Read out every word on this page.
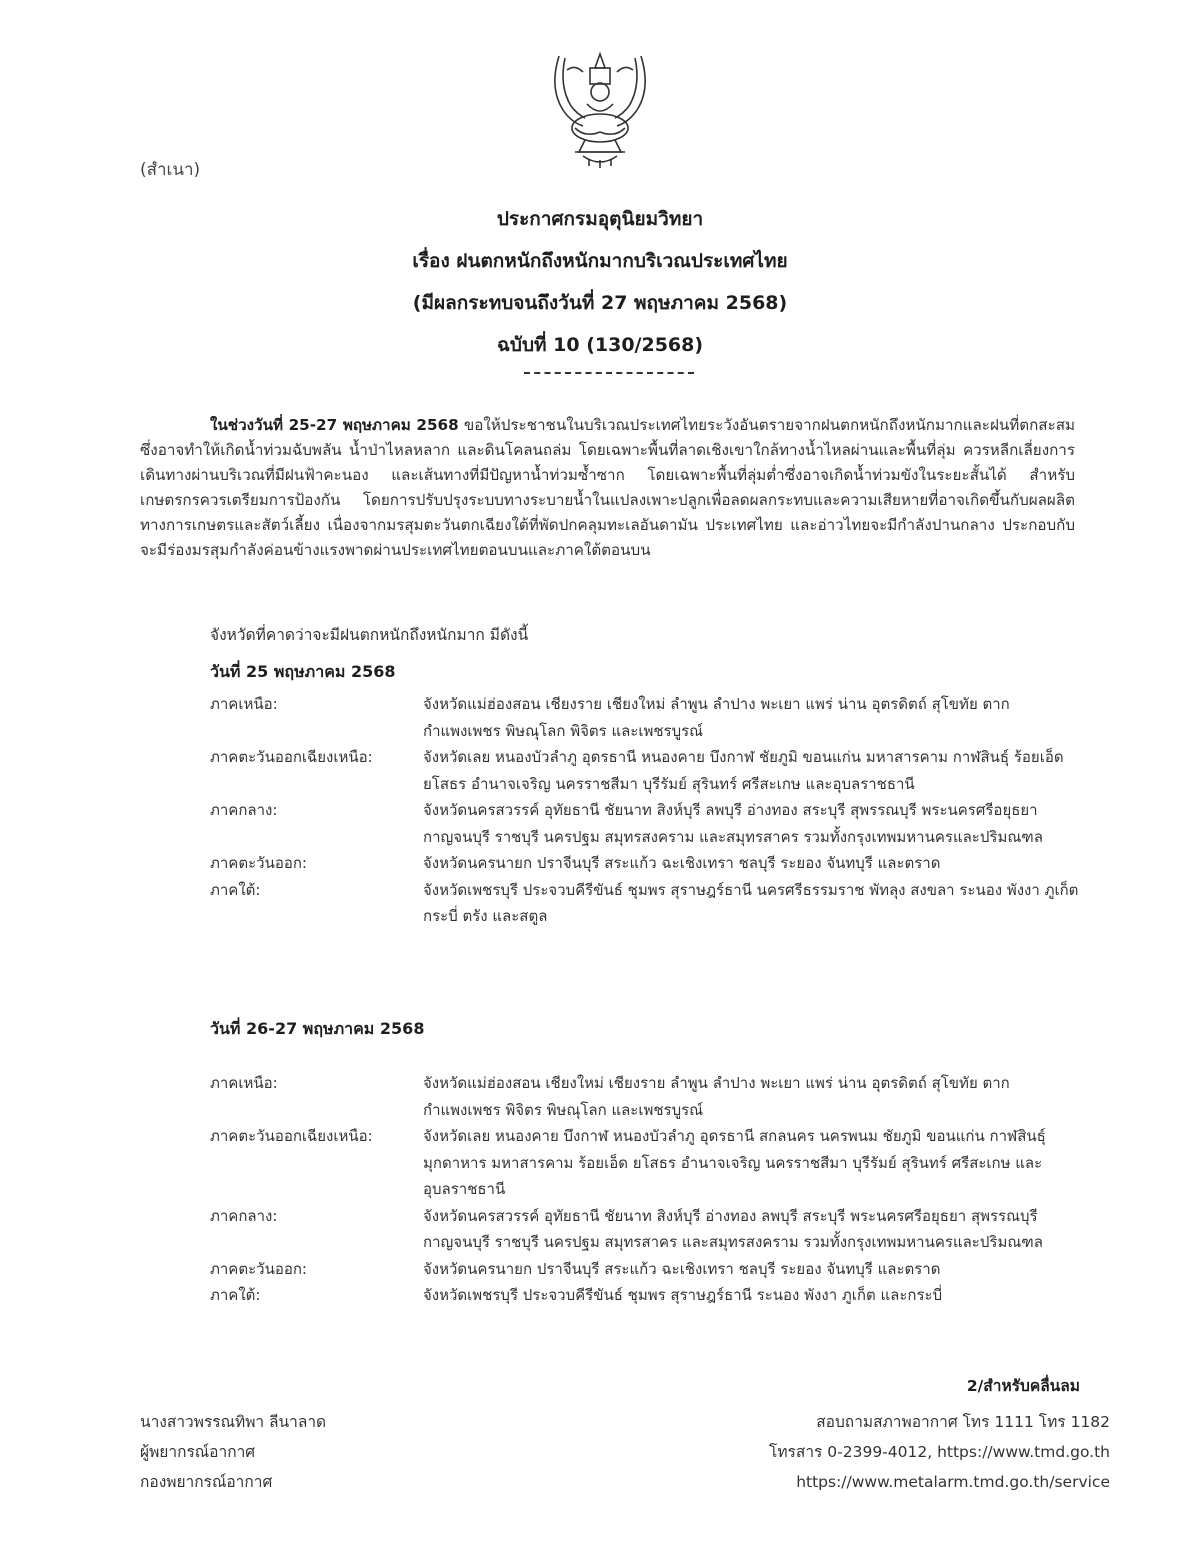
(สำเนา)
ประกาศกรมอุตุนิยมวิทยา
เรื่อง ฝนตกหนักถึงหนักมากบริเวณประเทศไทย
(มีผลกระทบจนถึงวันที่ 27 พฤษภาคม 2568)
ฉบับที่ 10 (130/2568)
ในช่วงวันที่ 25-27 พฤษภาคม 2568 ขอให้ประชาชนในบริเวณประเทศไทยระวังอันตรายจากฝนตกหนักถึงหนักมากและฝนที่ตกสะสม ซึ่งอาจทำให้เกิดน้ำท่วมฉับพลัน น้ำป่าไหลหลาก และดินโคลนถล่ม โดยเฉพาะพื้นที่ลาดเชิงเขาใกล้ทางน้ำไหลผ่านและพื้นที่ลุ่ม ควรหลีกเลี่ยงการเดินทางผ่านบริเวณที่มีฝนฟ้าคะนอง และเส้นทางที่มีปัญหาน้ำท่วมซ้ำซาก โดยเฉพาะพื้นที่ลุ่มต่ำซึ่งอาจเกิดน้ำท่วมขังในระยะสั้นได้ สำหรับเกษตรกรควรเตรียมการป้องกัน โดยการปรับปรุงระบบทางระบายน้ำในแปลงเพาะปลูกเพื่อลดผลกระทบและความเสียหายที่อาจเกิดขึ้นกับผลผลิตทางการเกษตรและสัตว์เลี้ยง เนื่องจากมรสุมตะวันตกเฉียงใต้ที่พัดปกคลุมทะเลอันดามัน ประเทศไทย และอ่าวไทยจะมีกำลังปานกลาง ประกอบกับจะมีร่องมรสุมกำลังค่อนข้างแรงพาดผ่านประเทศไทยตอนบนและภาคใต้ตอนบน
จังหวัดที่คาดว่าจะมีฝนตกหนักถึงหนักมาก มีดังนี้
วันที่ 25 พฤษภาคม 2568
ภาคเหนือ:	จังหวัดแม่ฮ่องสอน เชียงราย เชียงใหม่ ลำพูน ลำปาง พะเยา แพร่ น่าน อุตรดิตถ์ สุโขทัย ตาก กำแพงเพชร พิษณุโลก พิจิตร และเพชรบูรณ์
ภาคตะวันออกเฉียงเหนือ:	จังหวัดเลย หนองบัวลำภู อุดรธานี หนองคาย บึงกาฬ ชัยภูมิ ขอนแก่น มหาสารคาม กาฬสินธุ์ ร้อยเอ็ด ยโสธร อำนาจเจริญ นครราชสีมา บุรีรัมย์ สุรินทร์ ศรีสะเกษ และอุบลราชธานี
ภาคกลาง:	จังหวัดนครสวรรค์ อุทัยธานี ชัยนาท สิงห์บุรี ลพบุรี อ่างทอง สระบุรี สุพรรณบุรี พระนครศรีอยุธยา กาญจนบุรี ราชบุรี นครปฐม สมุทรสงคราม และสมุทรสาคร รวมทั้งกรุงเทพมหานครและปริมณฑล
ภาคตะวันออก:	จังหวัดนครนายก ปราจีนบุรี สระแก้ว ฉะเชิงเทรา ชลบุรี ระยอง จันทบุรี และตราด
ภาคใต้:	จังหวัดเพชรบุรี ประจวบคีรีขันธ์ ชุมพร สุราษฎร์ธานี นครศรีธรรมราช พัทลุง สงขลา ระนอง พังงา ภูเก็ต กระบี่ ตรัง และสตูล
วันที่ 26-27 พฤษภาคม 2568
ภาคเหนือ:	จังหวัดแม่ฮ่องสอน เชียงใหม่ เชียงราย ลำพูน ลำปาง พะเยา แพร่ น่าน อุตรดิตถ์ สุโขทัย ตาก กำแพงเพชร พิจิตร พิษณุโลก และเพชรบูรณ์
ภาคตะวันออกเฉียงเหนือ:	จังหวัดเลย หนองคาย บึงกาฬ หนองบัวลำภู อุดรธานี สกลนคร นครพนม ชัยภูมิ ขอนแก่น กาฬสินธุ์ มุกดาหาร มหาสารคาม ร้อยเอ็ด ยโสธร อำนาจเจริญ นครราชสีมา บุรีรัมย์ สุรินทร์ ศรีสะเกษ และอุบลราชธานี
ภาคกลาง:	จังหวัดนครสวรรค์ อุทัยธานี ชัยนาท สิงห์บุรี อ่างทอง ลพบุรี สระบุรี พระนครศรีอยุธยา สุพรรณบุรี กาญจนบุรี ราชบุรี นครปฐม สมุทรสาคร และสมุทรสงคราม รวมทั้งกรุงเทพมหานครและปริมณฑล
ภาคตะวันออก:	จังหวัดนครนายก ปราจีนบุรี สระแก้ว ฉะเชิงเทรา ชลบุรี ระยอง จันทบุรี และตราด
ภาคใต้:	จังหวัดเพชรบุรี ประจวบคีรีขันธ์ ชุมพร สุราษฎร์ธานี ระนอง พังงา ภูเก็ต และกระบี่
2/สำหรับคลื่นลม
นางสาวพรรณทิพา ลีนาลาด
ผู้พยากรณ์อากาศ
กองพยากรณ์อากาศ
สอบถามสภาพอากาศ โทร 1111 โทร 1182
โทรสาร 0-2399-4012, https://www.tmd.go.th
https://www.metalarm.tmd.go.th/service
